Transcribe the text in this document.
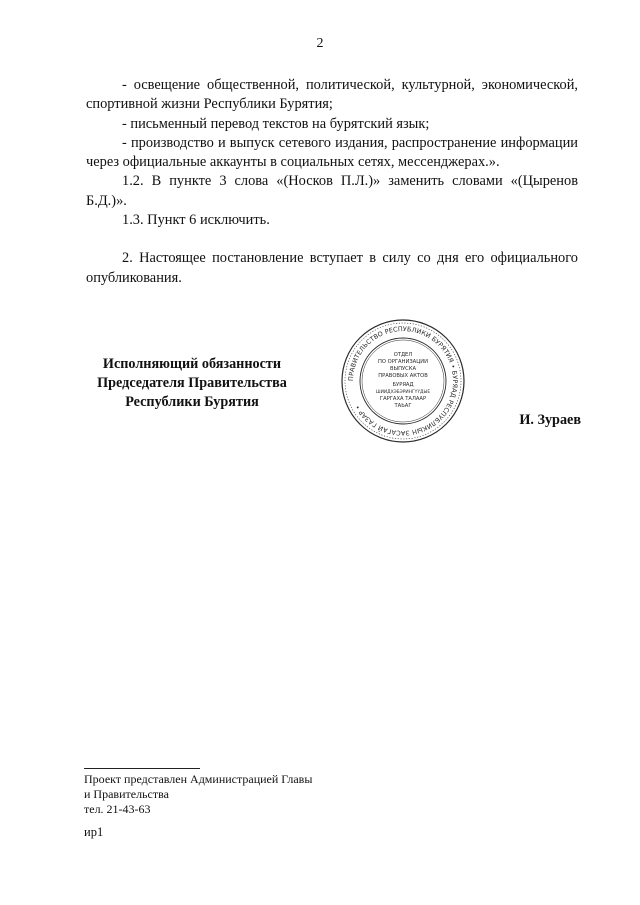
2

- освещение общественной, политической, культурной, экономической, спортивной жизни Республики Бурятия;

- письменный перевод текстов на бурятский язык;

- производство и выпуск сетевого издания, распространение информации через официальные аккаунты в социальных сетях, мессенджерах.».

1.2. В пункте 3 слова «(Носков П.Л.)» заменить словами «(Цыренов Б.Д.)».

1.3. Пункт 6 исключить.

2. Настоящее постановление вступает в силу со дня его официального опубликования.

Исполняющий обязанности
Председателя Правительства
Республики Бурятия
ПРАВИТЕЛЬСТВО РЕСПУБЛИКИ БУРЯТИЯ • БУРЯАД РЕСПУБЛИКЫН ЗАСАГАЙ ГАЗАР •
ОТДЕЛ
ПО ОРГАНИЗАЦИИ
ВЫПУСКА
ПРАВОВЫХ АКТОВ
БУРЯАД
ШИИДХЭБЭРИНГҮҮДЫЕ
ГАРГАХА ТАЛААР
ТАЬАГ
И. Зураев
Проект представлен Администрацией Главы
и Правительства
тел. 21-43-63
ир1
